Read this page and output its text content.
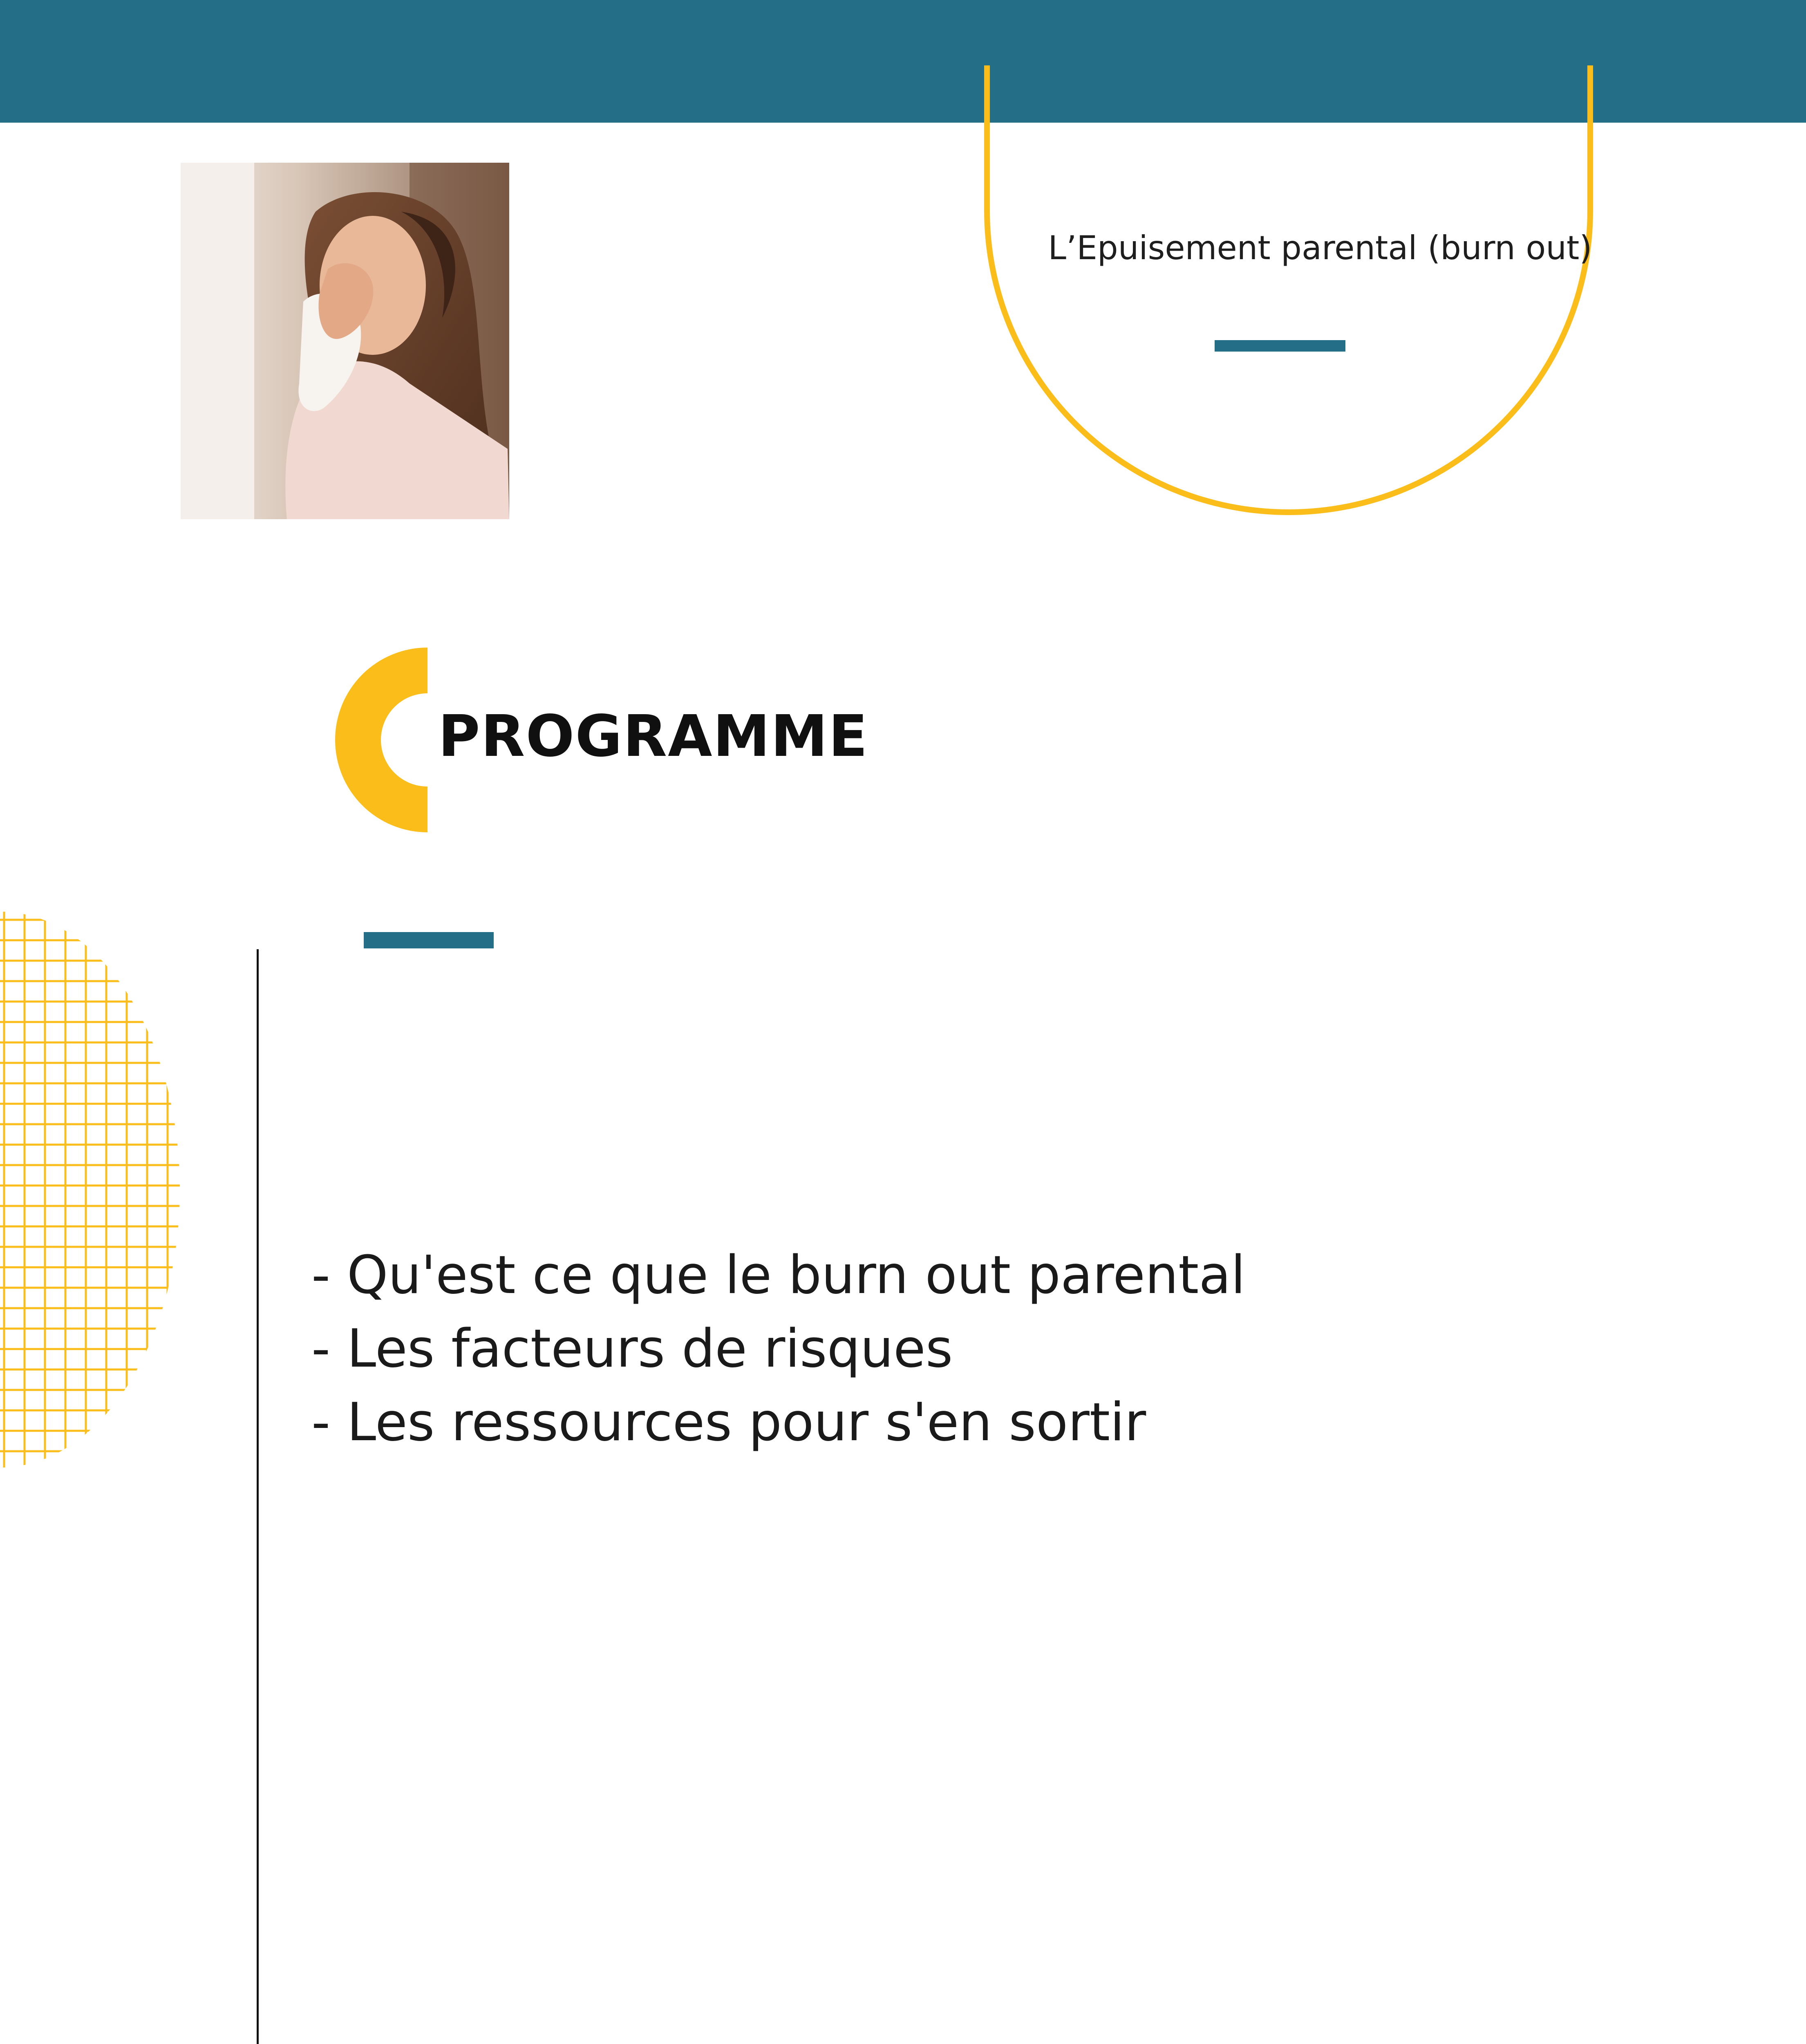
L’Epuisement parental (burn out)
PROGRAMME
- Qu'est ce que le burn out parental
- Les facteurs de risques
- Les ressources pour s'en sortir
